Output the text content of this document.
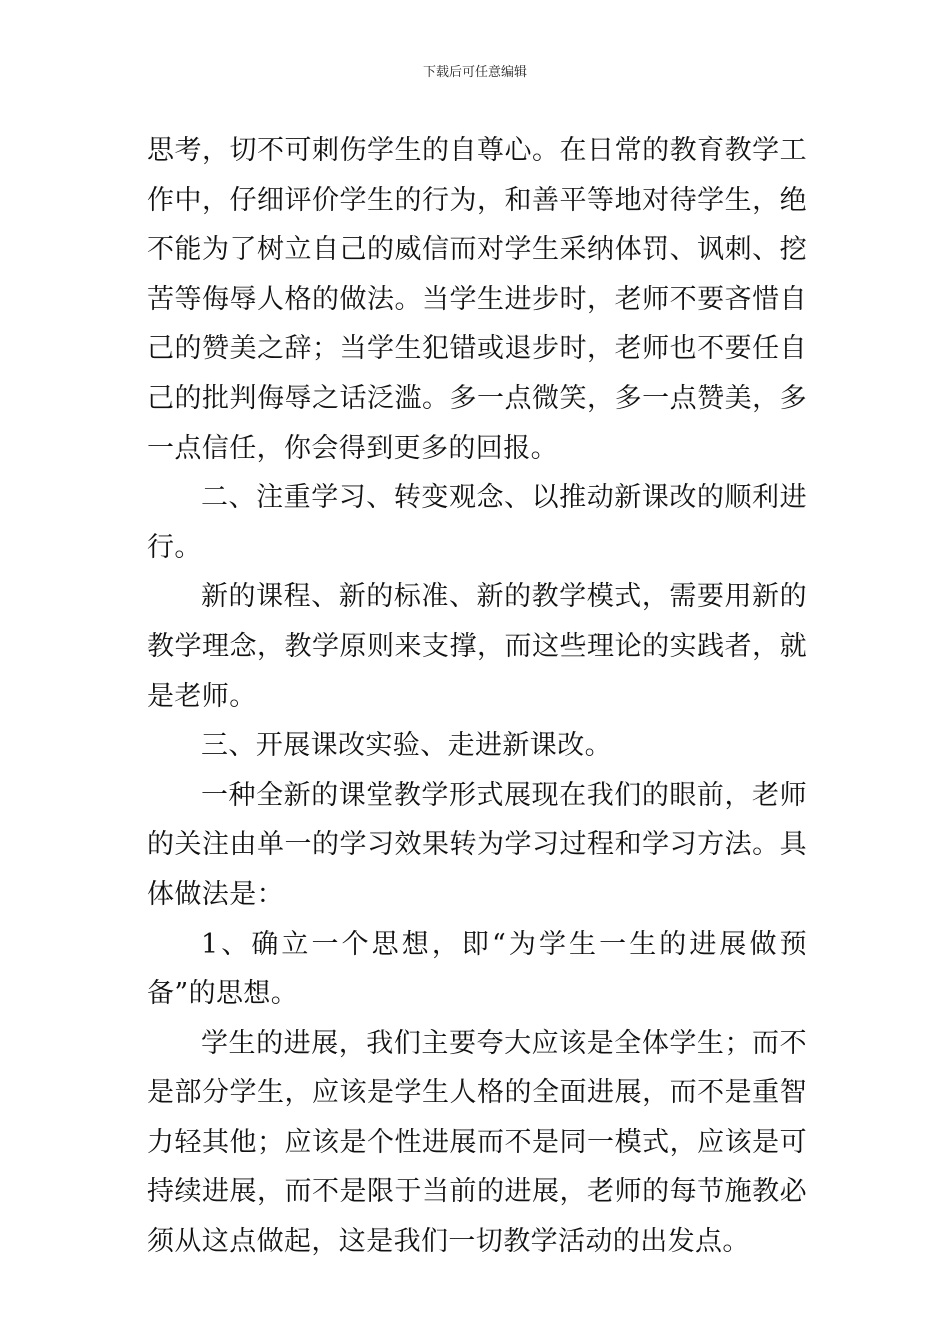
下载后可任意编辑

思考，切不可刺伤学生的自尊心。在日常的教育教学工作中，仔细评价学生的行为，和善平等地对待学生，绝不能为了树立自己的威信而对学生采纳体罚、讽刺、挖苦等侮辱人格的做法。当学生进步时，老师不要吝惜自己的赞美之辞；当学生犯错或退步时，老师也不要任自己的批判侮辱之话泛滥。多一点微笑，多一点赞美，多一点信任，你会得到更多的回报。

二、注重学习、转变观念、以推动新课改的顺利进行。

新的课程、新的标准、新的教学模式，需要用新的教学理念，教学原则来支撑，而这些理论的实践者，就是老师。

三、开展课改实验、走进新课改。

一种全新的课堂教学形式展现在我们的眼前，老师的关注由单一的学习效果转为学习过程和学习方法。具体做法是：

1、确立一个思想，即“为学生一生的进展做预备”的思想。

学生的进展，我们主要夸大应该是全体学生；而不是部分学生，应该是学生人格的全面进展，而不是重智力轻其他；应该是个性进展而不是同一模式，应该是可持续进展，而不是限于当前的进展，老师的每节施教必须从这点做起，这是我们一切教学活动的出发点。
